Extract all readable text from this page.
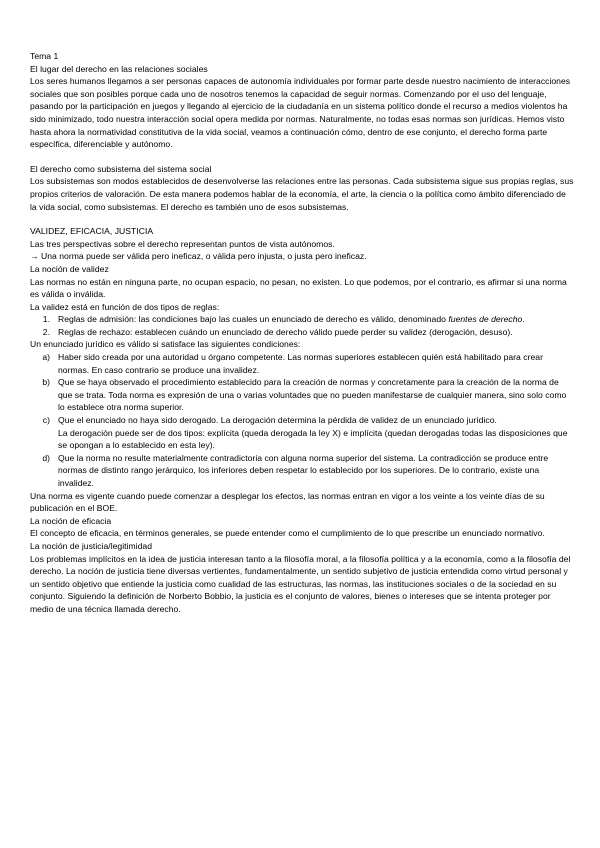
Tema 1
El lugar del derecho en las relaciones sociales

Los seres humanos llegamos a ser personas capaces de autonomía individuales por formar parte desde nuestro nacimiento de interacciones sociales que son posibles porque cada uno de nosotros tenemos la capacidad de seguir normas. Comenzando por el uso del lenguaje, pasando por la participación en juegos y llegando al ejercicio de la ciudadanía en un sistema político donde el recurso a medios violentos ha sido minimizado, todo nuestra interacción social opera medida por normas. Naturalmente, no todas esas normas son jurídicas. Hemos visto hasta ahora la normatividad constitutiva de la vida social, veamos a continuación cómo, dentro de ese conjunto, el derecho forma parte específica, diferenciable y autónomo.

El derecho como subsistema del sistema social

Los subsistemas son modos establecidos de desenvolverse las relaciones entre las personas. Cada subsistema sigue sus propias reglas, sus propios criterios de valoración. De esta manera podemos hablar de la economía, el arte, la ciencia o la política como ámbito diferenciado de la vida social, como subsistemas. El derecho es también uno de esos subsistemas.

VALIDEZ, EFICACIA, JUSTICIA
Las tres perspectivas sobre el derecho representan puntos de vista autónomos.
→ Una norma puede ser válida pero ineficaz, o válida pero injusta, o justa pero ineficaz.
La noción de validez

Las normas no están en ninguna parte, no ocupan espacio, no pesan, no existen. Lo que podemos, por el contrario, es afirmar si una norma es válida o inválida.

La validez está en función de dos tipos de reglas:
1. Reglas de admisión: las condiciones bajo las cuales un enunciado de derecho es válido, denominado fuentes de derecho.
2. Reglas de rechazo: establecen cuándo un enunciado de derecho válido puede perder su validez (derogación, desuso).
Un enunciado jurídico es válido si satisface las siguientes condiciones:
a) Haber sido creada por una autoridad u órgano competente. Las normas superiores establecen quién está habilitado para crear normas. En caso contrario se produce una invalidez.
b) Que se haya observado el procedimiento establecido para la creación de normas y concretamente para la creación de la norma de que se trata. Toda norma es expresión de una o varias voluntades que no pueden manifestarse de cualquier manera, sino solo como lo establece otra norma superior.
c) Que el enunciado no haya sido derogado. La derogación determina la pérdida de validez de un enunciado jurídico.
La derogación puede ser de dos tipos: explícita (queda derogada la ley X) e implícita (quedan derogadas todas las disposiciones que se opongan a lo establecido en esta ley).
d) Que la norma no resulte materialmente contradictoria con alguna norma superior del sistema. La contradicción se produce entre normas de distinto rango jerárquico, los inferiores deben respetar lo establecido por los superiores. De lo contrario, existe una invalidez.

Una norma es vigente cuando puede comenzar a desplegar los efectos, las normas entran en vigor a los veinte a los veinte días de su publicación en el BOE.

La noción de eficacia

El concepto de eficacia, en términos generales, se puede entender como el cumplimiento de lo que prescribe un enunciado normativo.

La noción de justicia/legitimidad

Los problemas implícitos en la idea de justicia interesan tanto a la filosofía moral, a la filosofía política y a la economía, como a la filosofía del derecho. La noción de justicia tiene diversas vertientes, fundamentalmente, un sentido subjetivo de justicia entendida como virtud personal y un sentido objetivo que entiende la justicia como cualidad de las estructuras, las normas, las instituciones sociales o de la sociedad en su conjunto. Siguiendo la definición de Norberto Bobbio, la justicia es el conjunto de valores, bienes o intereses que se intenta proteger por medio de una técnica llamada derecho.
